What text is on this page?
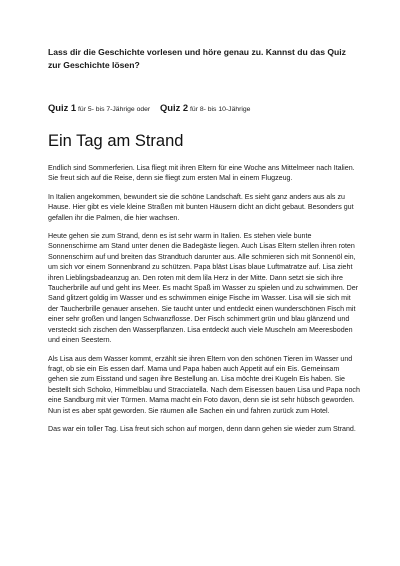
Lass dir die Geschichte vorlesen und höre genau zu. Kannst du das Quiz zur Geschichte lösen?

Quiz 1 für 5- bis 7-Jährige oder Quiz 2 für 8- bis 10-Jährige
Ein Tag am Strand

Endlich sind Sommerferien. Lisa fliegt mit ihren Eltern für eine Woche ans Mittelmeer nach Italien. Sie freut sich auf die Reise, denn sie fliegt zum ersten Mal in einem Flugzeug.

In Italien angekommen, bewundert sie die schöne Landschaft. Es sieht ganz anders aus als zu Hause. Hier gibt es viele kleine Straßen mit bunten Häusern dicht an dicht gebaut. Besonders gut gefallen ihr die Palmen, die hier wachsen.

Heute gehen sie zum Strand, denn es ist sehr warm in Italien. Es stehen viele bunte Sonnenschirme am Stand unter denen die Badegäste liegen. Auch Lisas Eltern stellen ihren roten Sonnenschirm auf und breiten das Strandtuch darunter aus. Alle schmieren sich mit Sonnenöl ein, um sich vor einem Sonnenbrand zu schützen. Papa bläst Lisas blaue Luftmatratze auf. Lisa zieht ihren Lieblingsbadeanzug an. Den roten mit dem lila Herz in der Mitte. Dann setzt sie sich ihre Taucherbrille auf und geht ins Meer. Es macht Spaß im Wasser zu spielen und zu schwimmen. Der Sand glitzert goldig im Wasser und es schwimmen einige Fische im Wasser. Lisa will sie sich mit der Taucherbrille genauer ansehen. Sie taucht unter und entdeckt einen wunderschönen Fisch mit einer sehr großen und langen Schwanzflosse. Der Fisch schimmert grün und blau glänzend und versteckt sich zischen den Wasserpflanzen. Lisa entdeckt auch viele Muscheln am Meeresboden und einen Seestern.

Als Lisa aus dem Wasser kommt, erzählt sie ihren Eltern von den schönen Tieren im Wasser und fragt, ob sie ein Eis essen darf. Mama und Papa haben auch Appetit auf ein Eis. Gemeinsam gehen sie zum Eisstand und sagen ihre Bestellung an. Lisa möchte drei Kugeln Eis haben. Sie bestellt sich Schoko, Himmelblau und Stracciatella. Nach dem Eisessen bauen Lisa und Papa noch eine Sandburg mit vier Türmen. Mama macht ein Foto davon, denn sie ist sehr hübsch geworden. Nun ist es aber spät geworden. Sie räumen alle Sachen ein und fahren zurück zum Hotel.

Das war ein toller Tag. Lisa freut sich schon auf morgen, denn dann gehen sie wieder zum Strand.
